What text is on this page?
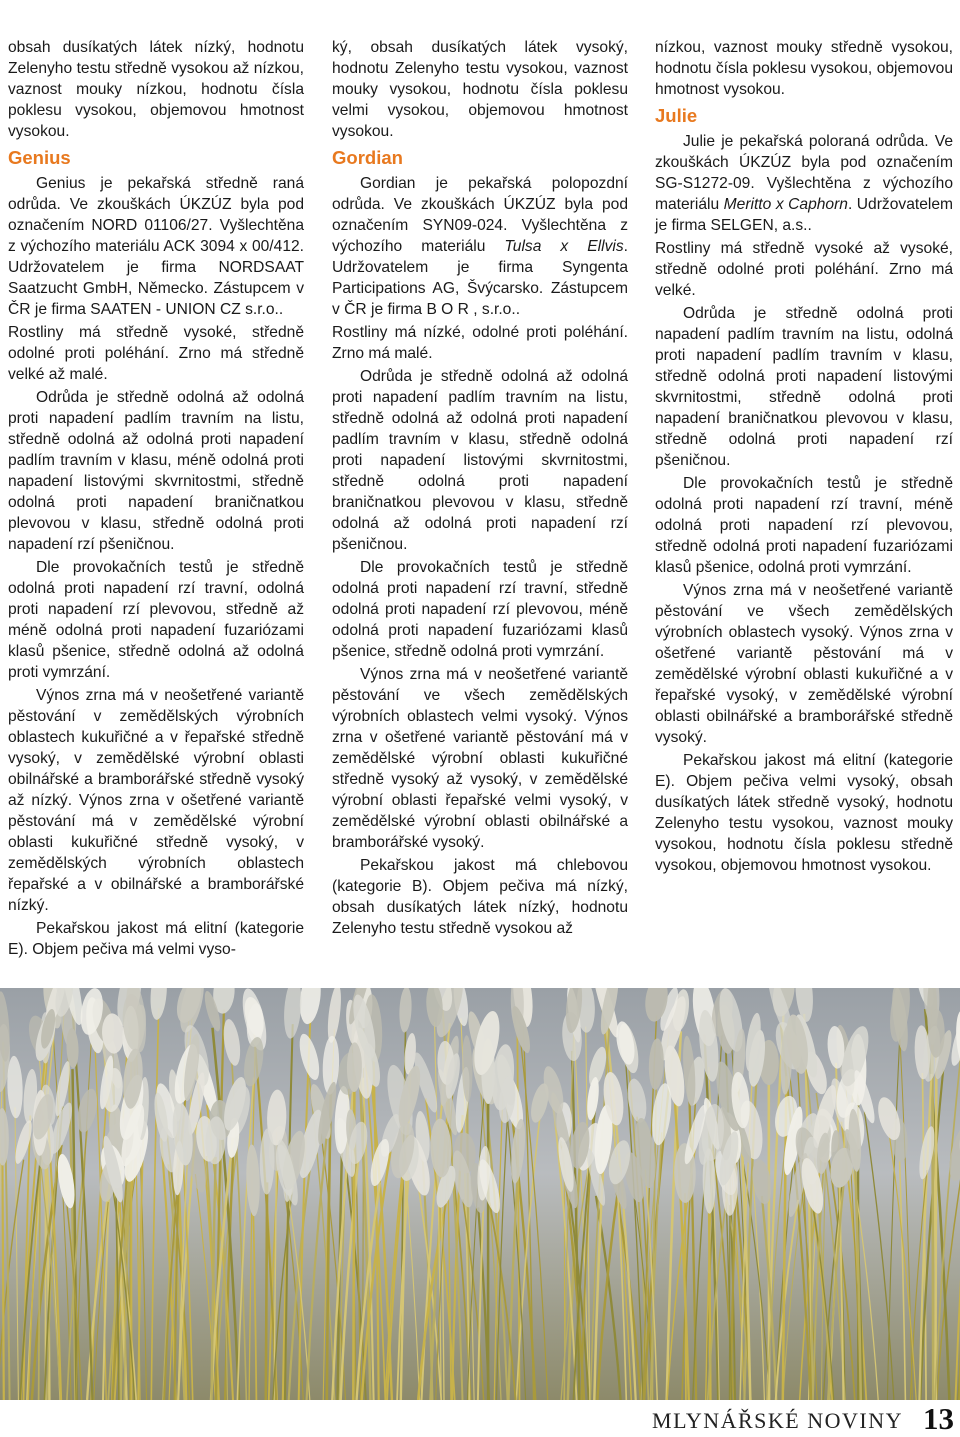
obsah dusíkatých látek nízký, hodnotu Zelenyho testu středně vysokou až nízkou, vaznost mouky nízkou, hodnotu čísla poklesu vysokou, objemovou hmotnost vysokou.

Genius

Genius je pekařská středně raná odrůda. Ve zkouškách ÚKZÚZ byla pod označením NORD 01106/27. Vyšlechtěna z výchozího materiálu ACK 3094 x 00/412. Udržovatelem je firma NORDSAAT Saatzucht GmbH, Německo. Zástupcem v ČR je firma SAATEN - UNION CZ s.r.o..

Rostliny má středně vysoké, středně odolné proti poléhání. Zrno má středně velké až malé.

Odrůda je středně odolná až odolná proti napadení padlím travním na listu, středně odolná až odolná proti napadení padlím travním v klasu, méně odolná proti napadení listovými skvrnitostmi, středně odolná proti napadení braničnatkou plevovou v klasu, středně odolná proti napadení rzí pšeničnou.

Dle provokačních testů je středně odolná proti napadení rzí travní, odolná proti napadení rzí plevovou, středně až méně odolná proti napadení fuzariózami klasů pšenice, středně odolná až odolná proti vymrzání.

Výnos zrna má v neošetřené variantě pěstování v zemědělských výrobních oblastech kukuřičné a v řepařské středně vysoký, v zemědělské výrobní oblasti obilnářské a bramborářské středně vysoký až nízký. Výnos zrna v ošetřené variantě pěstování má v zemědělské výrobní oblasti kukuřičné středně vysoký, v zemědělských výrobních oblastech řepařské a v obilnářské a bramborářské nízký.

Pekařskou jakost má elitní (kategorie E). Objem pečiva má velmi vyso-

ký, obsah dusíkatých látek vysoký, hodnotu Zelenyho testu vysokou, vaznost mouky vysokou, hodnotu čísla poklesu velmi vysokou, objemovou hmotnost vysokou.

Gordian

Gordian je pekařská polopozdní odrůda. Ve zkouškách ÚKZÚZ byla pod označením SYN09-024. Vyšlechtěna z výchozího materiálu Tulsa x Ellvis. Udržovatelem je firma Syngenta Participations AG, Švýcarsko. Zástupcem v ČR je firma B O R , s.r.o..

Rostliny má nízké, odolné proti poléhání. Zrno má malé.

Odrůda je středně odolná až odolná proti napadení padlím travním na listu, středně odolná až odolná proti napadení padlím travním v klasu, středně odolná proti napadení listovými skvrnitostmi, středně odolná proti napadení braničnatkou plevovou v klasu, středně odolná až odolná proti napadení rzí pšeničnou.

Dle provokačních testů je středně odolná proti napadení rzí travní, středně odolná proti napadení rzí plevovou, méně odolná proti napadení fuzariózami klasů pšenice, středně odolná proti vymrzání.

Výnos zrna má v neošetřené variantě pěstování ve všech zemědělských výrobních oblastech velmi vysoký. Výnos zrna v ošetřené variantě pěstování má v zemědělské výrobní oblasti kukuřičné středně vysoký až vysoký, v zemědělské výrobní oblasti řepařské velmi vysoký, v zemědělské výrobní oblasti obilnářské a bramborářské vysoký.

Pekařskou jakost má chlebovou (kategorie B). Objem pečiva má nízký, obsah dusíkatých látek nízký, hodnotu Zelenyho testu středně vysokou až

nízkou, vaznost mouky středně vysokou, hodnotu čísla poklesu vysokou, objemovou hmotnost vysokou.

Julie

Julie je pekařská poloraná odrůda. Ve zkouškách ÚKZÚZ byla pod označením SG-S1272-09. Vyšlechtěna z výchozího materiálu Meritto x Caphorn. Udržovatelem je firma SELGEN, a.s..

Rostliny má středně vysoké až vysoké, středně odolné proti poléhání. Zrno má velké.

Odrůda je středně odolná proti napadení padlím travním na listu, odolná proti napadení padlím travním v klasu, středně odolná proti napadení listovými skvrnitostmi, středně odolná proti napadení braničnatkou plevovou v klasu, středně odolná proti napadení rzí pšeničnou.

Dle provokačních testů je středně odolná proti napadení rzí travní, méně odolná proti napadení rzí plevovou, středně odolná proti napadení fuzariózami klasů pšenice, odolná proti vymrzání.

Výnos zrna má v neošetřené variantě pěstování ve všech zemědělských výrobních oblastech vysoký. Výnos zrna v ošetřené variantě pěstování má v zemědělské výrobní oblasti kukuřičné a v řepařské vysoký, v zemědělské výrobní oblasti obilnářské a bramborářské středně vysoký.

Pekařskou jakost má elitní (kategorie E). Objem pečiva velmi vysoký, obsah dusíkatých látek středně vysoký, hodnotu Zelenyho testu vysokou, vaznost mouky vysokou, hodnotu čísla poklesu středně vysokou, objemovou hmotnost vysokou.

MLYNÁŘSKÉ NOVINY 13
